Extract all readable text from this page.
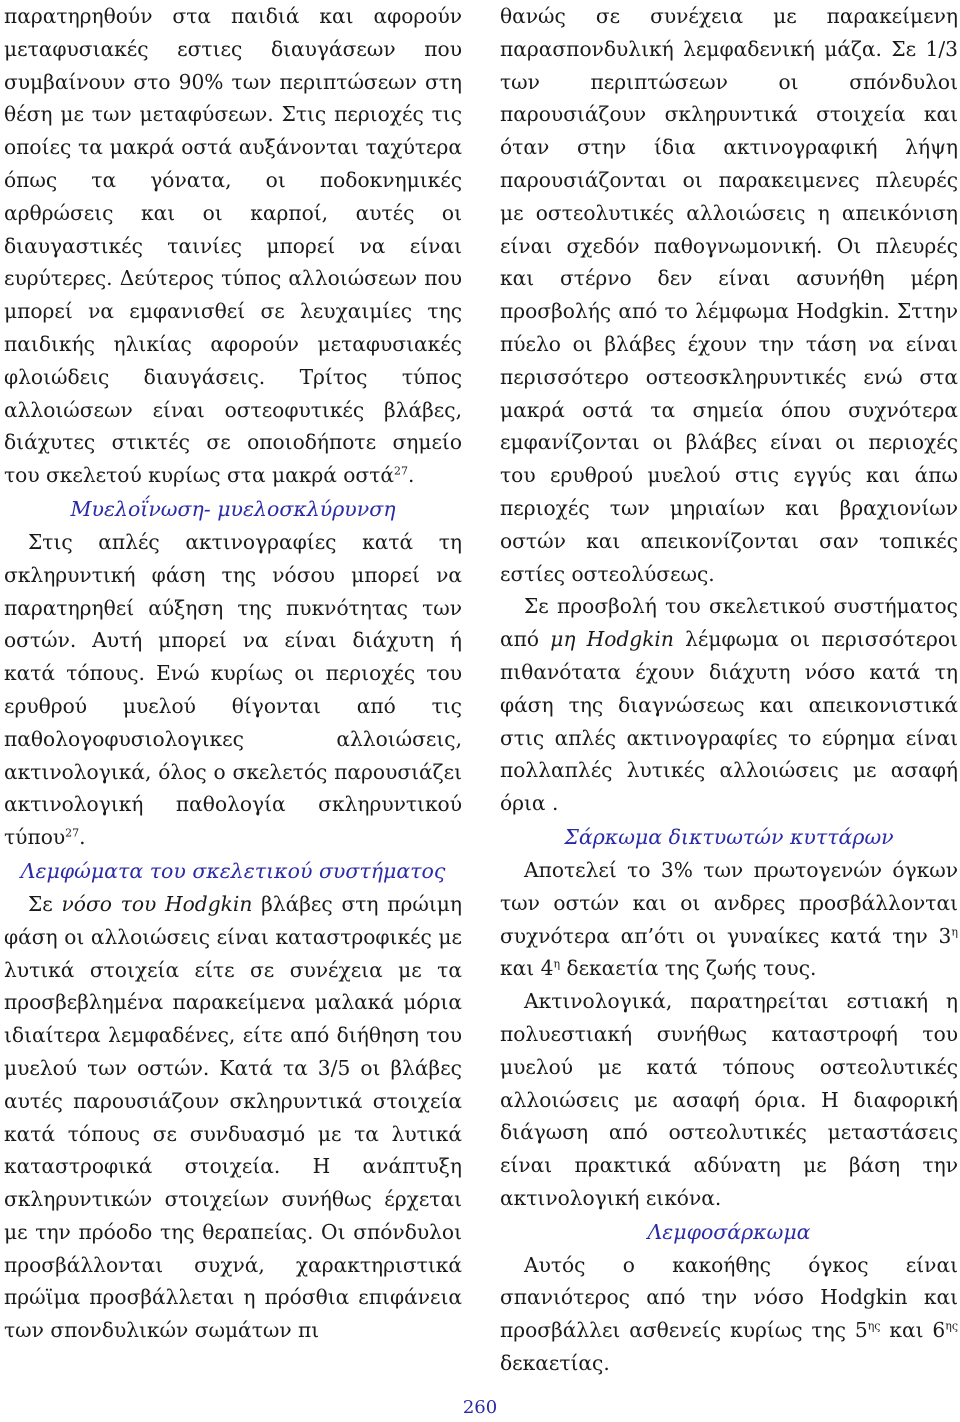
παρατηρηθούν στα παιδιά και αφορούν μεταφυσιακές εστιες διαυγάσεων που συμβαίνουν στο 90% των περιπτώσεων στη θέση με των μεταφύσεων. Στις περιοχές τις οποίες τα μακρά οστά αυξάνονται ταχύτερα όπως τα γόνατα, οι ποδοκνημικές αρθρώσεις και οι καρποί, αυτές οι διαυγαστικές ταινίες μπορεί να είναι ευρύτερες. Δεύτερος τύπος αλλοιώσεων που μπορεί να εμφανισθεί σε λευχαιμίες της παιδικής ηλικίας αφορούν μεταφυσιακές φλοιώδεις διαυγάσεις. Τρίτος τύπος αλλοιώσεων είναι οστεοφυτικές βλάβες, διάχυτες στικτές σε οποιοδήποτε σημείο του σκελετού κυρίως στα μακρά οστά$^{27}$.

Μυελοΐνωση- μυελοσκλύρυνση

Στις απλές ακτινογραφίες κατά τη σκληρυντική φάση της νόσου μπορεί να παρατηρηθεί αύξηση της πυκνότητας των οστών. Αυτή μπορεί να είναι διάχυτη ή κατά τόπους. Ενώ κυρίως οι περιοχές του ερυθρού μυελού θίγονται από τις παθολογοφυσιολογικες αλλοιώσεις, ακτινολογικά, όλος ο σκελετός παρουσιάζει ακτινολογική παθολογία σκληρυντικού τύπου$^{27}$.

Λεμφώματα του σκελετικού συστήματος

Σε νόσο του Hodgkin βλάβες στη πρώιμη φάση οι αλλοιώσεις είναι καταστροφικές με λυτικά στοιχεία είτε σε συνέχεια με τα προσβεβλημένα παρακείμενα μαλακά μόρια ιδιαίτερα λεμφαδένες, είτε από διήθηση του μυελού των οστών. Κατά τα 3/5 οι βλάβες αυτές παρουσιάζουν σκληρυντικά στοιχεία κατά τόπους σε συνδυασμό με τα λυτικά καταστροφικά στοιχεία. Η ανάπτυξη σκληρυντικών στοιχείων συνήθως έρχεται με την πρόοδο της θεραπείας. Οι σπόνδυλοι προσβάλλονται συχνά, χαρακτηριστικά πρώϊμα προσβάλλεται η πρόσθια επιφάνεια των σπονδυλικών σωμάτων πι

θανώς σε συνέχεια με παρακείμενη παρασπονδυλική λεμφαδενική μάζα. Σε 1/3 των περιπτώσεων οι σπόνδυλοι παρουσιάζουν σκληρυντικά στοιχεία και όταν στην ίδια ακτινογραφική λήψη παρουσιάζονται οι παρακειμενες πλευρές με οστεολυτικές αλλοιώσεις η απεικόνιση είναι σχεδόν παθογνωμονική. Οι πλευρές και στέρνο δεν είναι ασυνήθη μέρη προσβολής από το λέμφωμα Hodgkin. Σττην πύελο οι βλάβες έχουν την τάση να είναι περισσότερο οστεοσκληρυντικές ενώ στα μακρά οστά τα σημεία όπου συχνότερα εμφανίζονται οι βλάβες είναι οι περιοχές του ερυθρού μυελού στις εγγύς και άπω περιοχές των μηριαίων και βραχιονίων οστών και απεικονίζονται σαν τοπικές εστίες οστεολύσεως.

Σε προσβολή του σκελετικού συστήματος από μη Hodgkin λέμφωμα οι περισσότεροι πιθανότατα έχουν διάχυτη νόσο κατά τη φάση της διαγνώσεως και απεικονιστικά στις απλές ακτινογραφίες το εύρημα είναι πολλαπλές λυτικές αλλοιώσεις με ασαφή όρια .

Σάρκωμα δικτυωτών κυττάρων

Αποτελεί το 3% των πρωτογενών όγκων των οστών και οι ανδρες προσβάλλονται συχνότερα απ’ότι οι γυναίκες κατά την $3^\eta$ και $4^\eta$ δεκαετία της ζωής τους.

Ακτινολογικά, παρατηρείται εστιακή η πολυεστιακή συνήθως καταστροφή του μυελού με κατά τόπους οστεολυτικές αλλοιώσεις με ασαφή όρια. Η διαφορική διάγωση από οστεολυτικές μεταστάσεις είναι πρακτικά αδύνατη με βάση την ακτινολογική εικόνα.

Λεμφοσάρκωμα

Αυτός ο κακοήθης όγκος είναι σπανιότερος από την νόσο Hodgkin και προσβάλλει ασθενείς κυρίως της $5^{\eta\varsigma}$ και $6^{\eta\varsigma}$ δεκαετίας.

260
